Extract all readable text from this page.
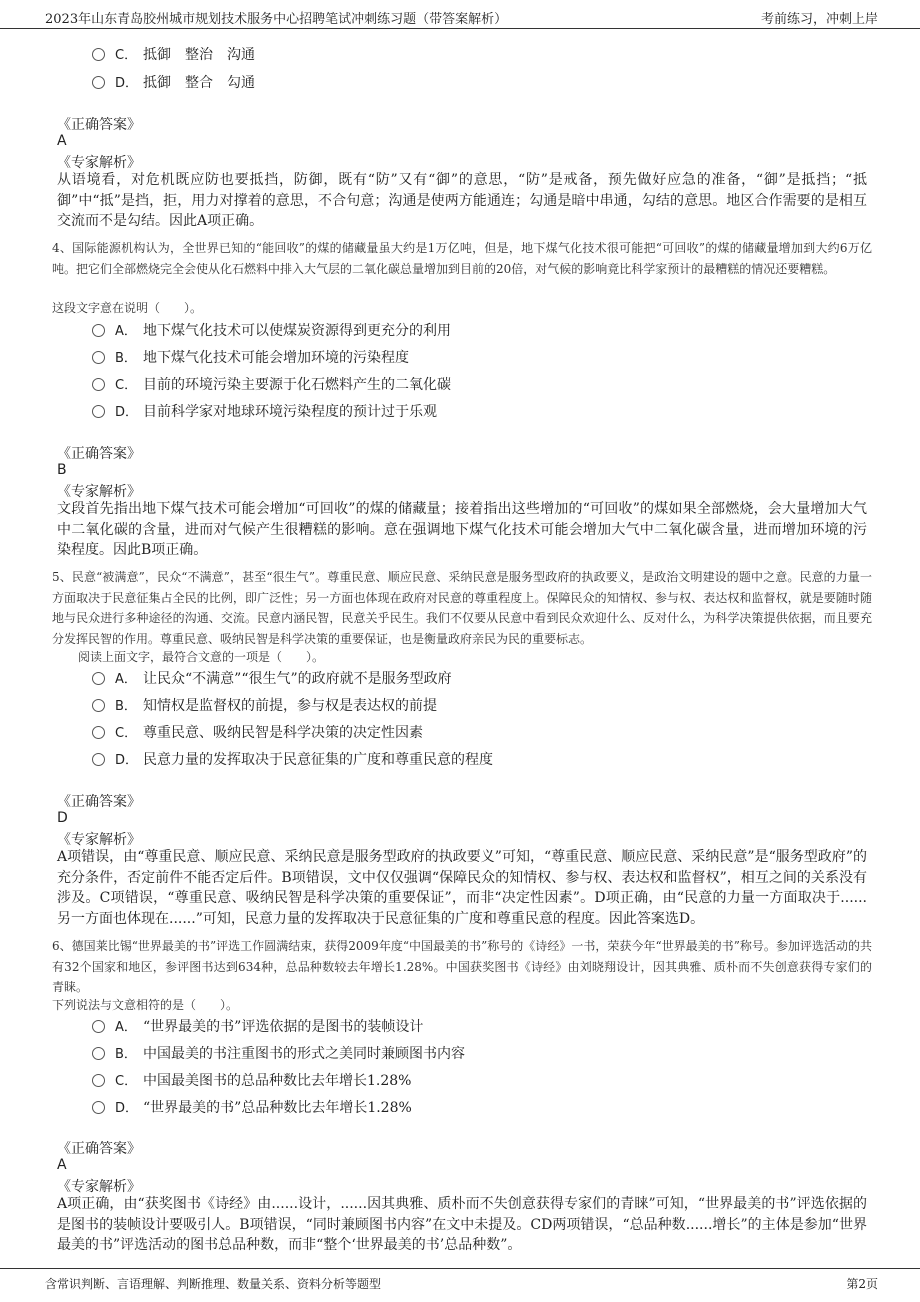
2023年山东青岛胶州城市规划技术服务中心招聘笔试冲刺练习题（带答案解析）	考前练习，冲刺上岸
C． 抵御　整治　沟通
D． 抵御　整合　勾通
《正确答案》
A
《专家解析》
从语境看，对危机既应防也要抵挡，防御，既有“防”又有“御”的意思，“防”是戒备，预先做好应急的准备，“御”是抵挡；“抵御”中“抵”是挡，拒，用力对撑着的意思，不合句意；沟通是使两方能通连；勾通是暗中串通，勾结的意思。地区合作需要的是相互交流而不是勾结。因此A项正确。
4、国际能源机构认为，全世界已知的“能回收”的煤的储藏量虽大约是1万亿吨，但是，地下煤气化技术很可能把“可回收”的煤的储藏量增加到大约6万亿吨。把它们全部燃烧完全会使从化石燃料中排入大气层的二氧化碳总量增加到目前的20倍，对气候的影响竟比科学家预计的最糟糕的情况还要糟糕。
这段文字意在说明（　　）。
A． 地下煤气化技术可以使煤炭资源得到更充分的利用
B． 地下煤气化技术可能会增加环境的污染程度
C． 目前的环境污染主要源于化石燃料产生的二氧化碳
D． 目前科学家对地球环境污染程度的预计过于乐观
《正确答案》
B
《专家解析》
文段首先指出地下煤气技术可能会增加“可回收”的煤的储藏量；接着指出这些增加的“可回收”的煤如果全部燃烧，会大量增加大气中二氧化碳的含量，进而对气候产生很糟糕的影响。意在强调地下煤气化技术可能会增加大气中二氧化碳含量，进而增加环境的污染程度。因此B项正确。
5、民意“被满意”，民众“不满意”，甚至“很生气”。尊重民意、顺应民意、采纳民意是服务型政府的执政要义，是政治文明建设的题中之意。民意的力量一方面取决于民意征集占全民的比例，即广泛性；另一方面也体现在政府对民意的尊重程度上。保障民众的知情权、参与权、表达权和监督权，就是要随时随地与民众进行多种途径的沟通、交流。民意内涵民智，民意关乎民生。我们不仅要从民意中看到民众欢迎什么、反对什么，为科学决策提供依据，而且要充分发挥民智的作用。尊重民意、吸纳民智是科学决策的重要保证，也是衡量政府亲民为民的重要标志。
阅读上面文字，最符合文意的一项是（　　）。
A． 让民众“不满意”“很生气”的政府就不是服务型政府
B． 知情权是监督权的前提，参与权是表达权的前提
C． 尊重民意、吸纳民智是科学决策的决定性因素
D． 民意力量的发挥取决于民意征集的广度和尊重民意的程度
《正确答案》
D
《专家解析》
A项错误，由“尊重民意、顺应民意、采纳民意是服务型政府的执政要义”可知，“尊重民意、顺应民意、采纳民意”是“服务型政府”的充分条件，否定前件不能否定后件。B项错误，文中仅仅强调“保障民众的知情权、参与权、表达权和监督权”，相互之间的关系没有涉及。C项错误，“尊重民意、吸纳民智是科学决策的重要保证”，而非“决定性因素”。D项正确，由“民意的力量一方面取决于......另一方面也体现在......”可知，民意力量的发挥取决于民意征集的广度和尊重民意的程度。因此答案选D。
6、德国莱比锡“世界最美的书”评选工作圆满结束，获得2009年度“中国最美的书”称号的《诗经》一书，荣获今年“世界最美的书”称号。参加评选活动的共有32个国家和地区，参评图书达到634种，总品种数较去年增长1.28%。中国获奖图书《诗经》由刘晓翔设计，因其典雅、质朴而不失创意获得专家们的青睐。
下列说法与文意相符的是（　　）。
A． “世界最美的书”评选依据的是图书的装帧设计
B． 中国最美的书注重图书的形式之美同时兼顾图书内容
C． 中国最美图书的总品种数比去年增长1.28%
D． “世界最美的书”总品种数比去年增长1.28%
《正确答案》
A
《专家解析》
A项正确，由“获奖图书《诗经》由......设计，......因其典雅、质朴而不失创意获得专家们的青睐”可知，“世界最美的书”评选依据的是图书的装帧设计要吸引人。B项错误，“同时兼顾图书内容”在文中未提及。CD两项错误，“总品种数......增长”的主体是参加“世界最美的书”评选活动的图书总品种数，而非“整个‘世界最美的书’总品种数”。
含常识判断、言语理解、判断推理、数量关系、资料分析等题型	第2页
